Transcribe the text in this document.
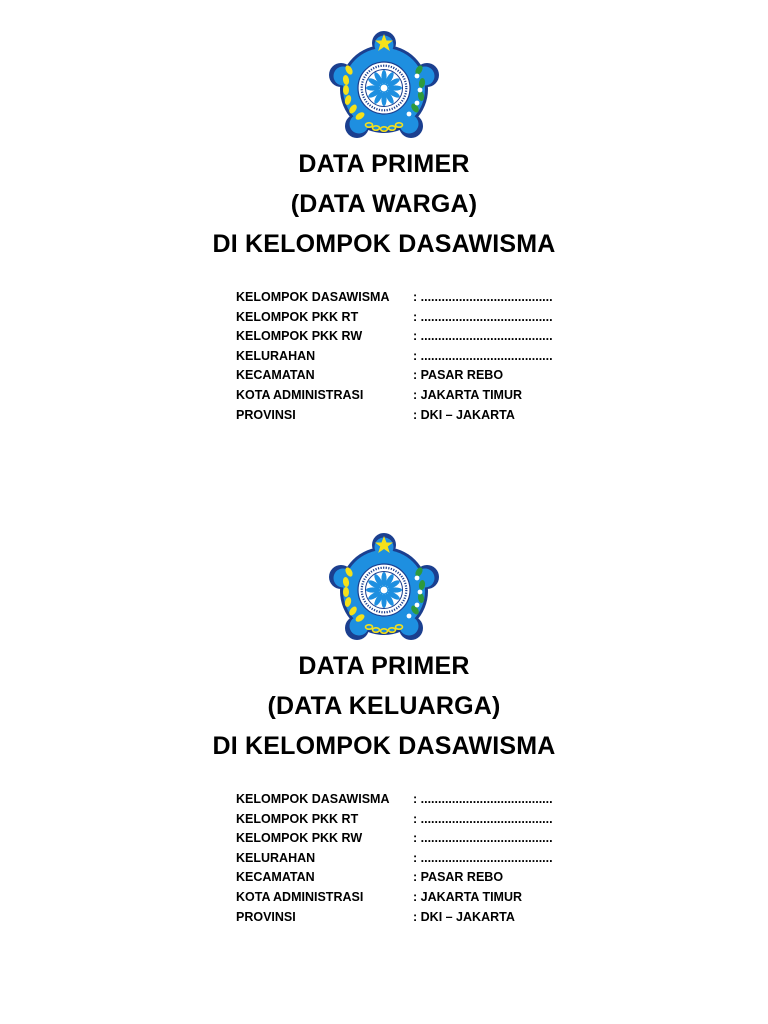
DATA PRIMER
(DATA WARGA)
DI KELOMPOK DASAWISMA
KELOMPOK DASAWISMA	: ......................................
KELOMPOK PKK RT	: ......................................
KELOMPOK PKK RW	: ......................................
KELURAHAN	: ......................................
KECAMATAN	: PASAR REBO
KOTA ADMINISTRASI	: JAKARTA TIMUR
PROVINSI	: DKI – JAKARTA
DATA PRIMER
(DATA KELUARGA)
DI KELOMPOK DASAWISMA
KELOMPOK DASAWISMA	: ......................................
KELOMPOK PKK RT	: ......................................
KELOMPOK PKK RW	: ......................................
KELURAHAN	: ......................................
KECAMATAN	: PASAR REBO
KOTA ADMINISTRASI	: JAKARTA TIMUR
PROVINSI	: DKI – JAKARTA
